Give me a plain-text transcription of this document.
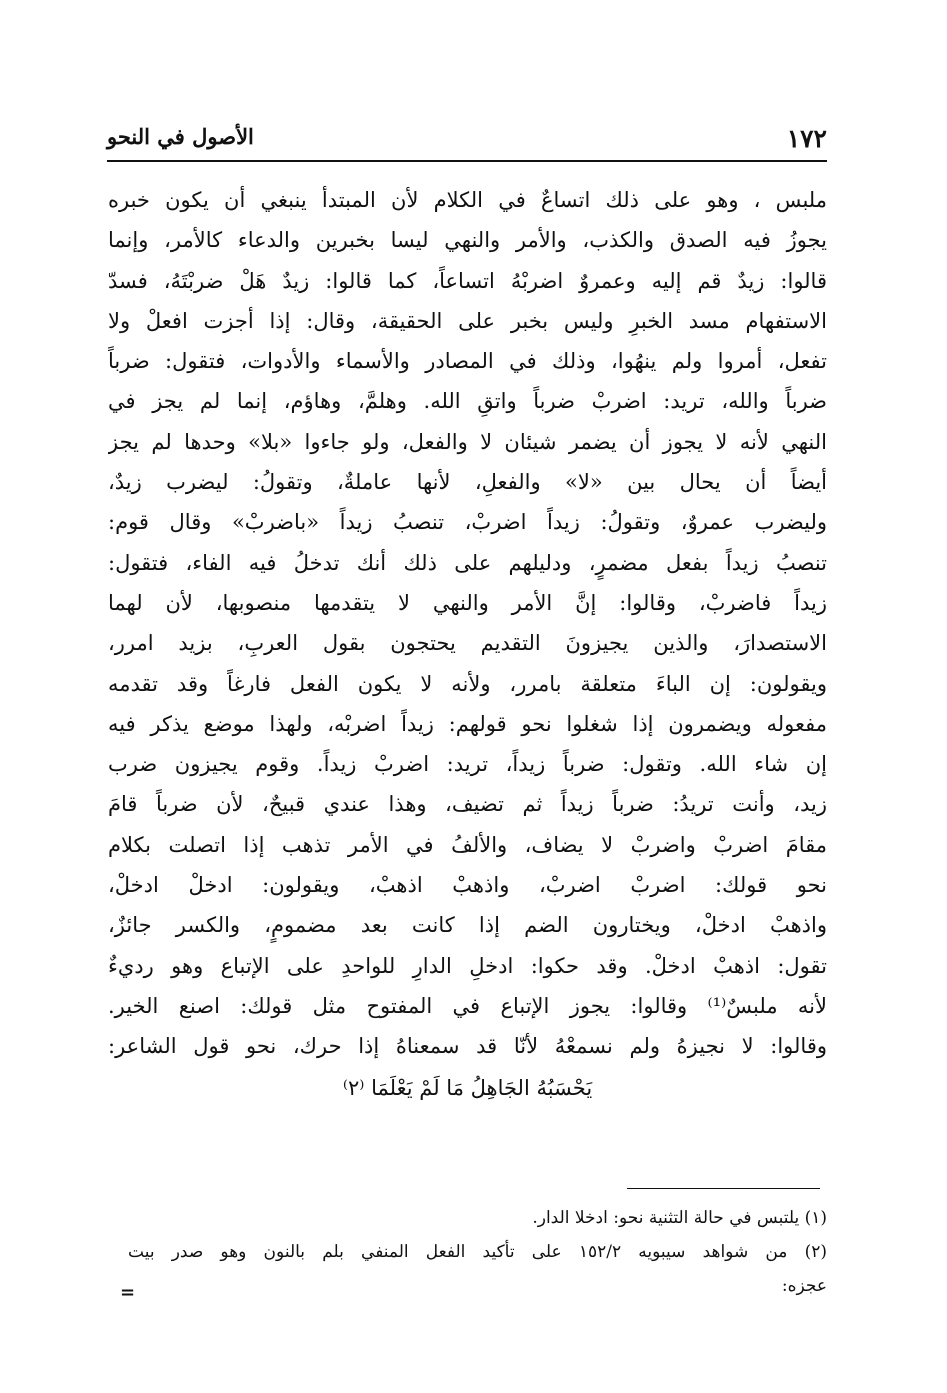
١٧٢
الأصول في النحو
ملبس ، وهو على ذلك اتساعٌ في الكلام لأن المبتدأ ينبغي أن يكون خبره
يجوزُ فيه الصدق والكذب، والأمر والنهي ليسا بخبرين والدعاء كالأمر، وإنما
قالوا: زيدٌ قم إليه وعمروٌ اضربْهُ اتساعاً، كما قالوا: زيدٌ هَلْ ضربْتَهُ، فسدّ
الاستفهام مسد الخبرِ وليس بخبر على الحقيقة، وقال: إذا أجزت افعلْ ولا
تفعل، أمروا ولم ينهُوا، وذلك في المصادر والأسماء والأدوات، فتقول: ضرباً
ضرباً والله، تريد: اضربْ ضرباً واتقِ الله. وهلمَّ، وهاؤم، إنما لم يجز في
النهي لأنه لا يجوز أن يضمر شيئان لا والفعل، ولو جاءوا «بلا» وحدها لم يجز
أيضاً أن يحال بين «لا» والفعلِ، لأنها عاملةٌ، وتقولُ: ليضرب زيدٌ،
وليضرب عمروٌ، وتقولُ: زيداً اضربْ، تنصبُ زيداً «باضربْ» وقال قوم:
تنصبُ زيداً بفعل مضمرٍ، ودليلهم على ذلك أنك تدخلُ فيه الفاء، فتقول:
زيداً فاضربْ، وقالوا: إنَّ الأمر والنهي لا يتقدمها منصوبها، لأن لهما
الاستصدارَ، والذين يجيزونَ التقديم يحتجون بقول العربِ، بزيد امرر،
ويقولون: إن الباءَ متعلقة بامرر، ولأنه لا يكون الفعل فارغاً وقد تقدمه
مفعوله ويضمرون إذا شغلوا نحو قولهم: زيداً اضربْه، ولهذا موضع يذكر فيه
إن شاء الله. وتقول: ضرباً زيداً، تريد: اضربْ زيداً. وقوم يجيزون ضرب
زيد، وأنت تريدُ: ضرباً زيداً ثم تضيف، وهذا عندي قبيحٌ، لأن ضرباً قامَ
مقامَ اضربْ واضربْ لا يضاف، والألفُ في الأمر تذهب إذا اتصلت بكلام
نحو قولك: اضربْ اضربْ، واذهبْ اذهبْ، ويقولون: ادخلْ ادخلْ،
واذهبْ ادخلْ، ويختارون الضم إذا كانت بعد مضمومٍ، والكسر جائزٌ،
تقول: اذهبْ ادخلْ. وقد حكوا: ادخلِ الدارِ للواحدِ على الإتباع وهو رديءٌ
لأنه ملبسٌ⁽¹⁾ وقالوا: يجوز الإتباع في المفتوح مثل قولك: اصنع الخير.
وقالوا: لا نجيزهُ ولم نسمعْهُ لأنّا قد سمعناهُ إذا حرك، نحو قول الشاعر:
يَحْسَبُهُ الجَاهِلُ مَا لَمْ يَعْلَمَا ⁽٢⁾
(١) يلتبس في حالة التثنية نحو: ادخلا الدار.
(٢) من شواهد سيبويه ١٥٢/٢ على تأكيد الفعل المنفي بلم بالنون وهو صدر بيت
عجزه:
=
